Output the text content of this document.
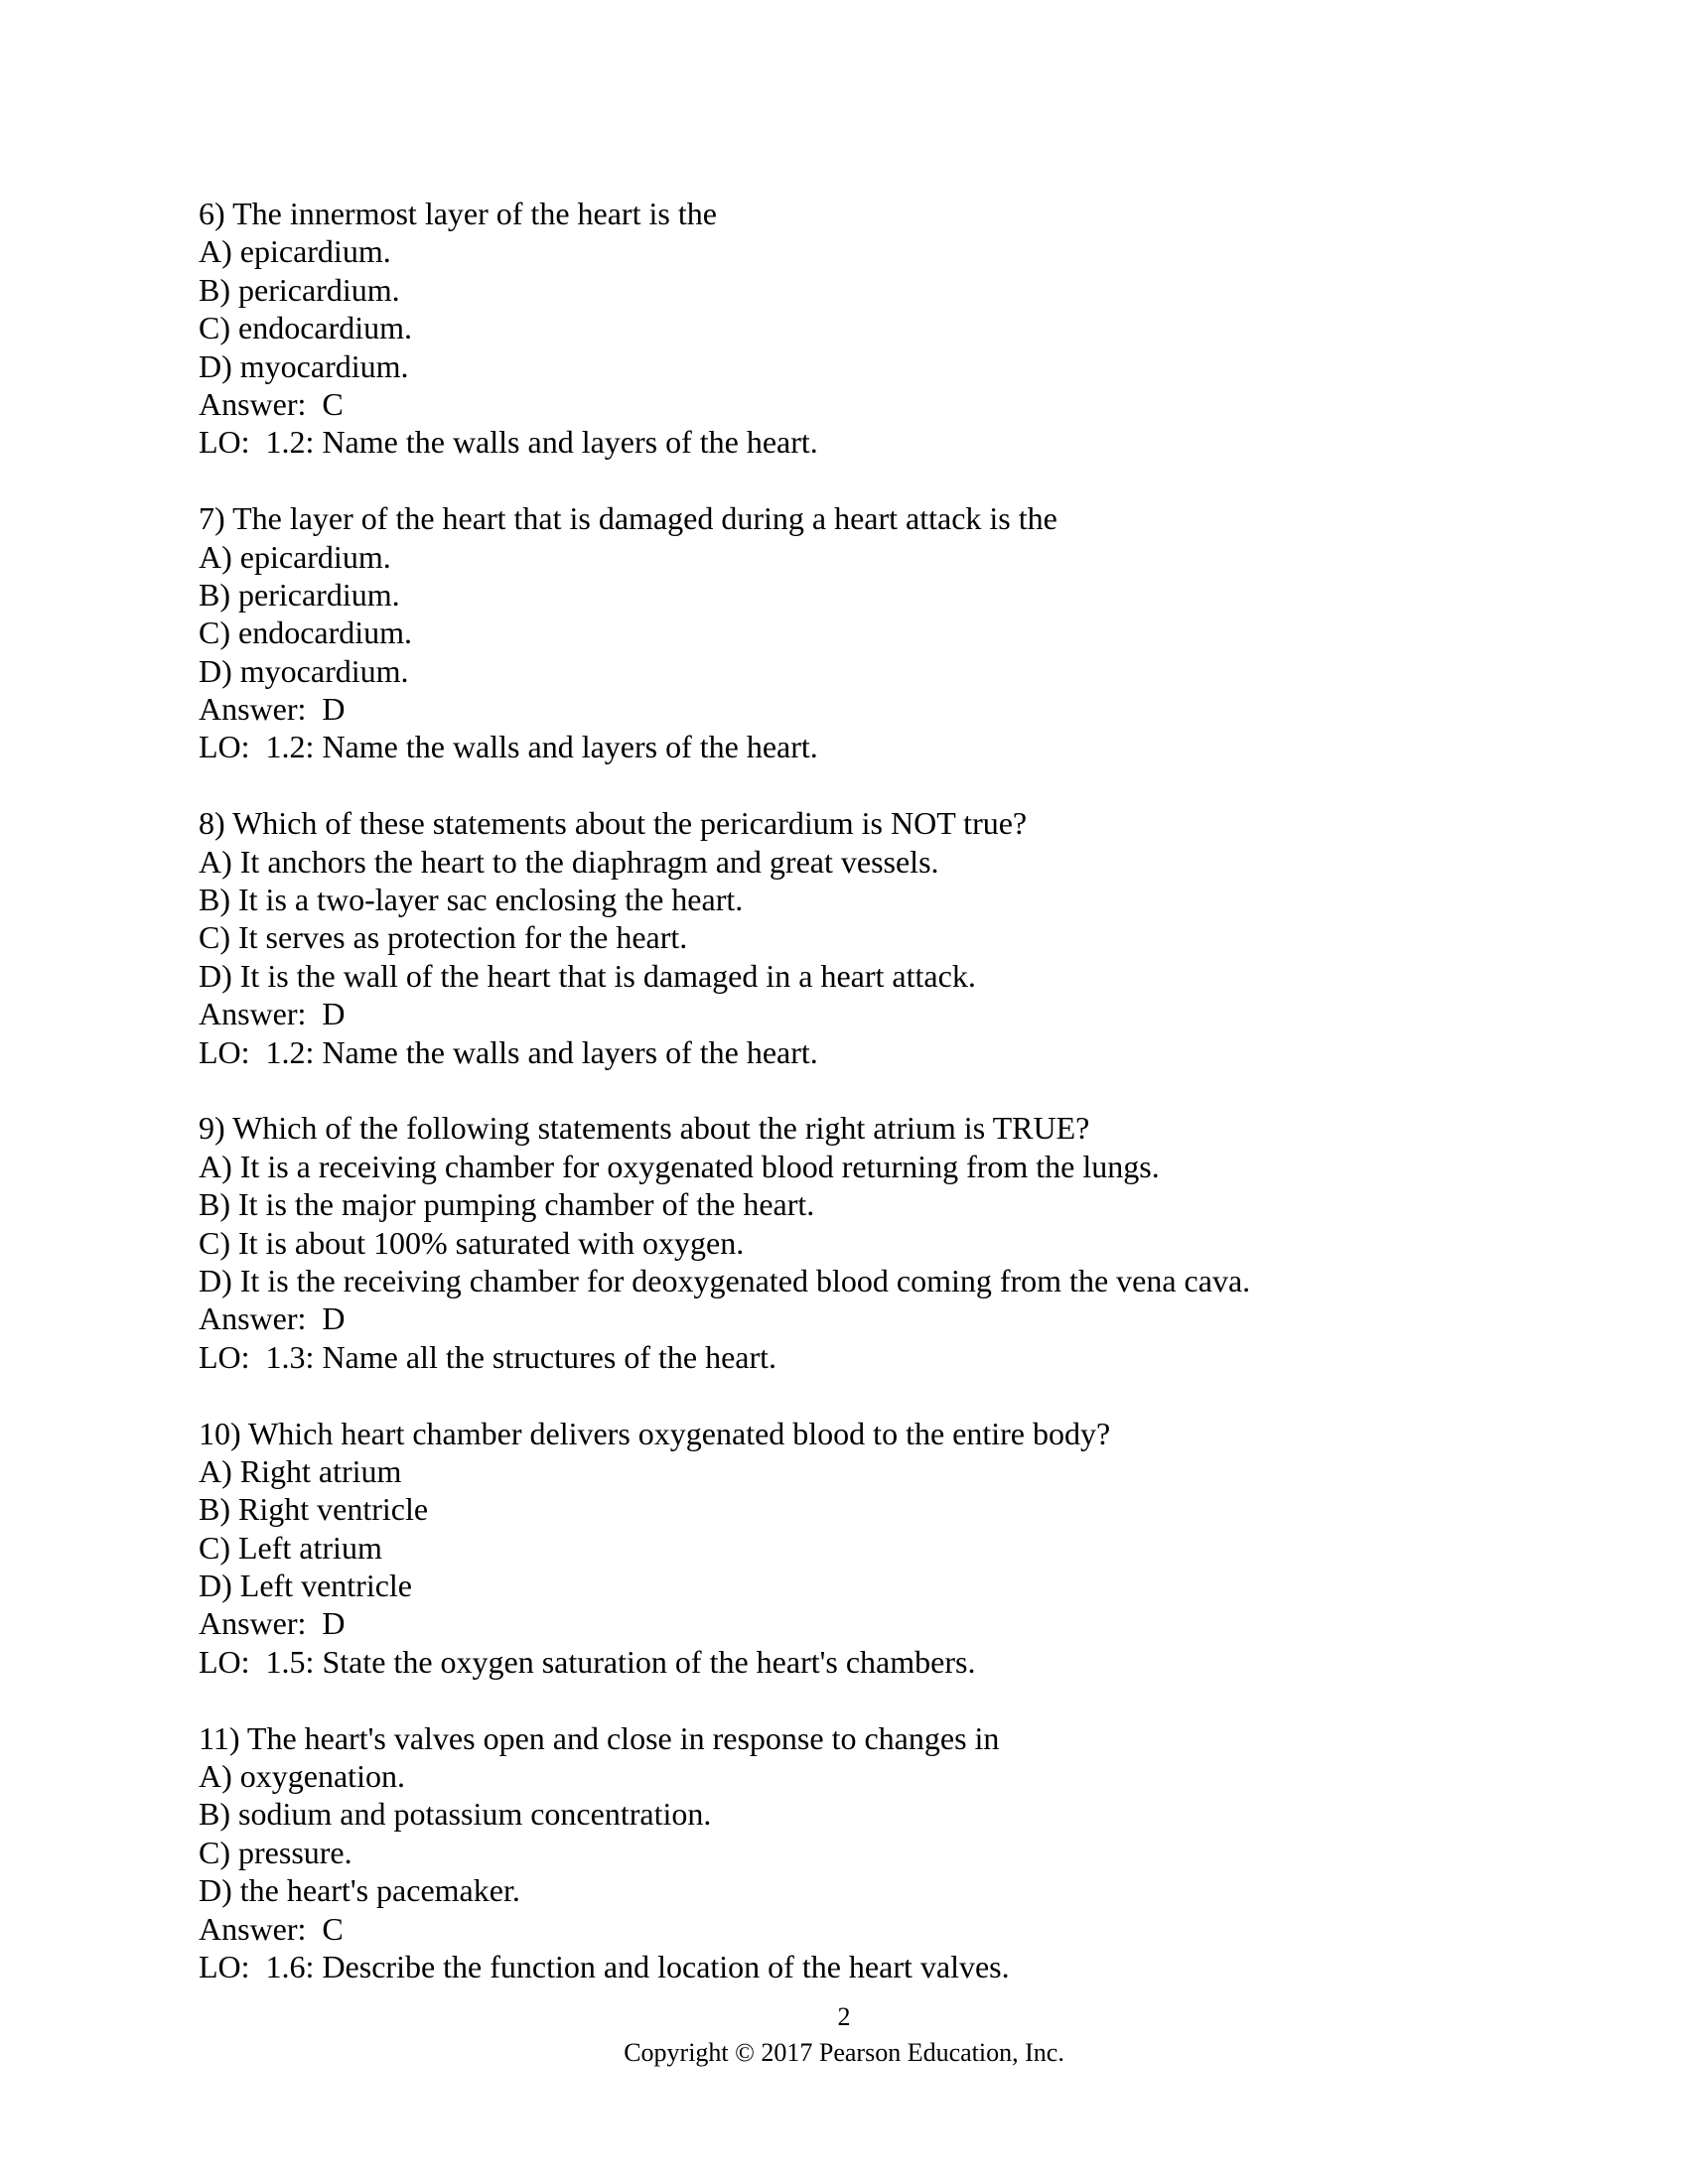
6) The innermost layer of the heart is the
A) epicardium.
B) pericardium.
C) endocardium.
D) myocardium.
Answer:  C
LO:  1.2: Name the walls and layers of the heart.
7) The layer of the heart that is damaged during a heart attack is the
A) epicardium.
B) pericardium.
C) endocardium.
D) myocardium.
Answer:  D
LO:  1.2: Name the walls and layers of the heart.
8) Which of these statements about the pericardium is NOT true?
A) It anchors the heart to the diaphragm and great vessels.
B) It is a two-layer sac enclosing the heart.
C) It serves as protection for the heart.
D) It is the wall of the heart that is damaged in a heart attack.
Answer:  D
LO:  1.2: Name the walls and layers of the heart.
9) Which of the following statements about the right atrium is TRUE?
A) It is a receiving chamber for oxygenated blood returning from the lungs.
B) It is the major pumping chamber of the heart.
C) It is about 100% saturated with oxygen.
D) It is the receiving chamber for deoxygenated blood coming from the vena cava.
Answer:  D
LO:  1.3: Name all the structures of the heart.
10) Which heart chamber delivers oxygenated blood to the entire body?
A) Right atrium
B) Right ventricle
C) Left atrium
D) Left ventricle
Answer:  D
LO:  1.5: State the oxygen saturation of the heart's chambers.
11) The heart's valves open and close in response to changes in
A) oxygenation.
B) sodium and potassium concentration.
C) pressure.
D) the heart's pacemaker.
Answer:  C
LO:  1.6: Describe the function and location of the heart valves.
2
Copyright © 2017 Pearson Education, Inc.
